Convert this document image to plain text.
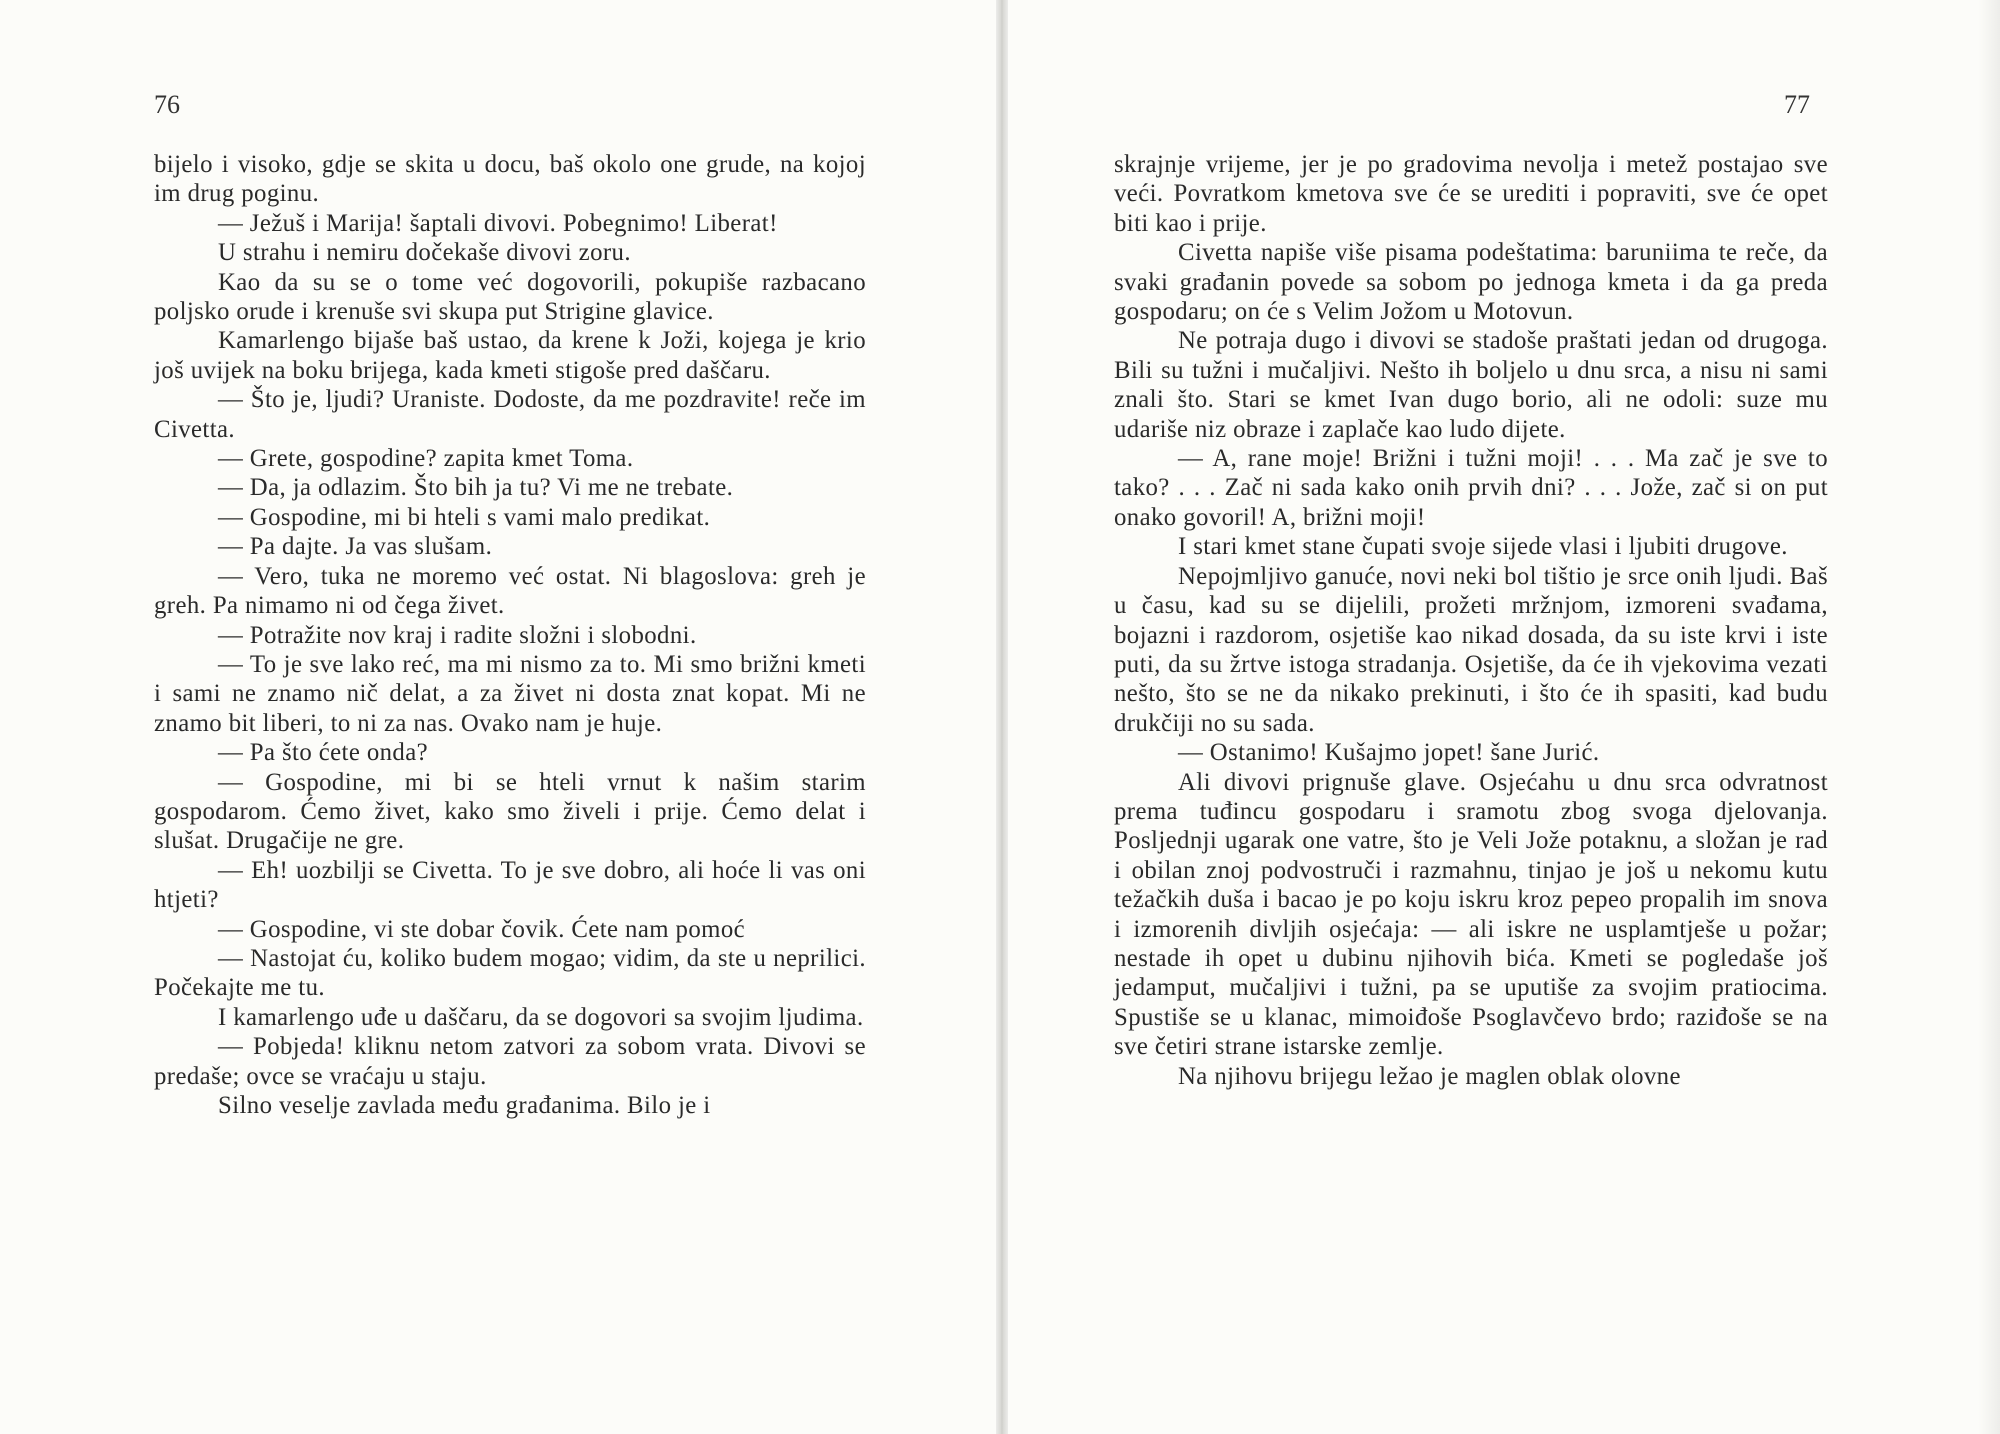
76

bijelo i visoko, gdje se skita u docu, baš okolo one grude, na kojoj im drug poginu.

— Ježuš i Marija! šaptali divovi. Pobegnimo! Liberat!

U strahu i nemiru dočekaše divovi zoru.

Kao da su se o tome već dogovorili, pokupiše razbacano poljsko orude i krenuše svi skupa put Strigine glavice.

Kamarlengo bijaše baš ustao, da krene k Joži, kojega je krio još uvijek na boku brijega, kada kmeti stigoše pred daščaru.

— Što je, ljudi? Uraniste. Dodoste, da me pozdravite! reče im Civetta.

— Grete, gospodine? zapita kmet Toma.

— Da, ja odlazim. Što bih ja tu? Vi me ne trebate.

— Gospodine, mi bi hteli s vami malo predikat.

— Pa dajte. Ja vas slušam.

— Vero, tuka ne moremo već ostat. Ni blagoslova: greh je greh. Pa nimamo ni od čega živet.

— Potražite nov kraj i radite složni i slobodni.

— To je sve lako reć, ma mi nismo za to. Mi smo brižni kmeti i sami ne znamo nič delat, a za živet ni dosta znat kopat. Mi ne znamo bit liberi, to ni za nas. Ovako nam je huje.

— Pa što ćete onda?

— Gospodine, mi bi se hteli vrnut k našim starim gospodarom. Ćemo živet, kako smo živeli i prije. Ćemo delat i slušat. Drugačije ne gre.

— Eh! uozbilji se Civetta. To je sve dobro, ali hoće li vas oni htjeti?

— Gospodine, vi ste dobar čovik. Ćete nam pomoć

— Nastojat ću, koliko budem mogao; vidim, da ste u neprilici. Počekajte me tu.

I kamarlengo uđe u daščaru, da se dogovori sa svojim ljudima.

— Pobjeda! kliknu netom zatvori za sobom vrata. Divovi se predaše; ovce se vraćaju u staju.

Silno veselje zavlada među građanima. Bilo je i

77

skrajnje vrijeme, jer je po gradovima nevolja i metež postajao sve veći. Povratkom kmetova sve će se urediti i popraviti, sve će opet biti kao i prije.

Civetta napiše više pisama podeštatima: baruniima te reče, da svaki građanin povede sa sobom po jednoga kmeta i da ga preda gospodaru; on će s Velim Jožom u Motovun.

Ne potraja dugo i divovi se stadoše praštati jedan od drugoga. Bili su tužni i mučaljivi. Nešto ih boljelo u dnu srca, a nisu ni sami znali što. Stari se kmet Ivan dugo borio, ali ne odoli: suze mu udariše niz obraze i zaplače kao ludo dijete.

— A, rane moje! Brižni i tužni moji! . . . Ma zač je sve to tako? . . . Zač ni sada kako onih prvih dni? . . . Jože, zač si on put onako govoril! A, brižni moji!

I stari kmet stane čupati svoje sijede vlasi i ljubiti drugove.

Nepojmljivo ganuće, novi neki bol tištio je srce onih ljudi. Baš u času, kad su se dijelili, prožeti mržnjom, izmoreni svađama, bojazni i razdorom, osjetiše kao nikad dosada, da su iste krvi i iste puti, da su žrtve istoga stradanja. Osjetiše, da će ih vjekovima vezati nešto, što se ne da nikako prekinuti, i što će ih spasiti, kad budu drukčiji no su sada.

— Ostanimo! Kušajmo jopet! šane Jurić.

Ali divovi prignuše glave. Osjećahu u dnu srca odvratnost prema tuđincu gospodaru i sramotu zbog svoga djelovanja. Posljednji ugarak one vatre, što je Veli Jože potaknu, a složan je rad i obilan znoj podvostruči i razmahnu, tinjao je još u nekomu kutu težačkih duša i bacao je po koju iskru kroz pepeo propalih im snova i izmorenih divljih osjećaja: — ali iskre ne usplamtješe u požar; nestade ih opet u dubinu njihovih bića. Kmeti se pogledaše još jedamput, mučaljivi i tužni, pa se uputiše za svojim pratiocima. Spustiše se u klanac, mimoiđoše Psoglavčevo brdo; raziđoše se na sve četiri strane istarske zemlje.

Na njihovu brijegu ležao je maglen oblak olovne
